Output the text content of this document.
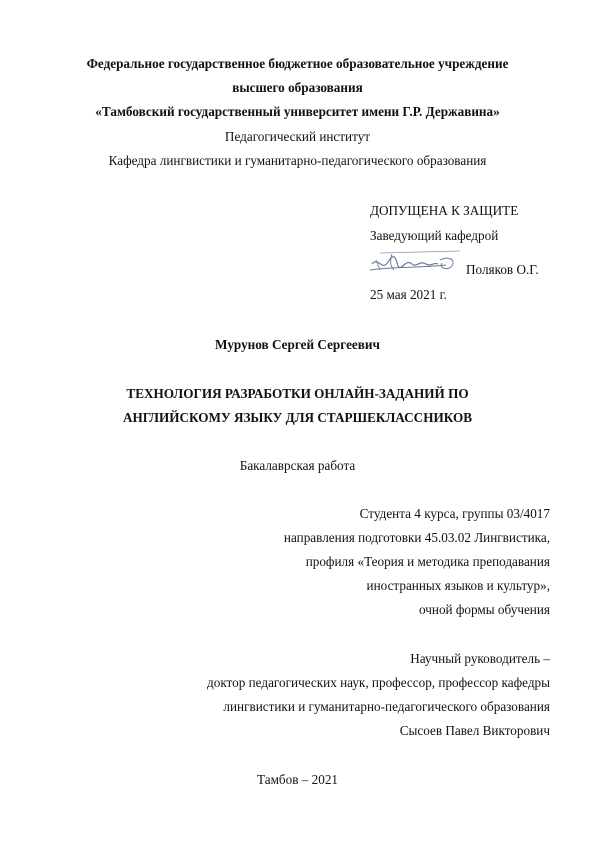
Федеральное государственное бюджетное образовательное учреждение
высшего образования
«Тамбовский государственный университет имени Г.Р. Державина»
Педагогический институт
Кафедра лингвистики и гуманитарно-педагогического образования
ДОПУЩЕНА К ЗАЩИТЕ
Заведующий кафедрой
Поляков О.Г.
25 мая 2021 г.
Мурунов Сергей Сергеевич
ТЕХНОЛОГИЯ РАЗРАБОТКИ ОНЛАЙН-ЗАДАНИЙ ПО
АНГЛИЙСКОМУ ЯЗЫКУ ДЛЯ СТАРШЕКЛАССНИКОВ
Бакалаврская работа
Студента 4 курса, группы 03/4017
направления подготовки 45.03.02 Лингвистика,
профиля «Теория и методика преподавания
иностранных языков и культур»,
очной формы обучения
Научный руководитель –
доктор педагогических наук, профессор, профессор кафедры
лингвистики и гуманитарно-педагогического образования
Сысоев Павел Викторович
Тамбов – 2021
